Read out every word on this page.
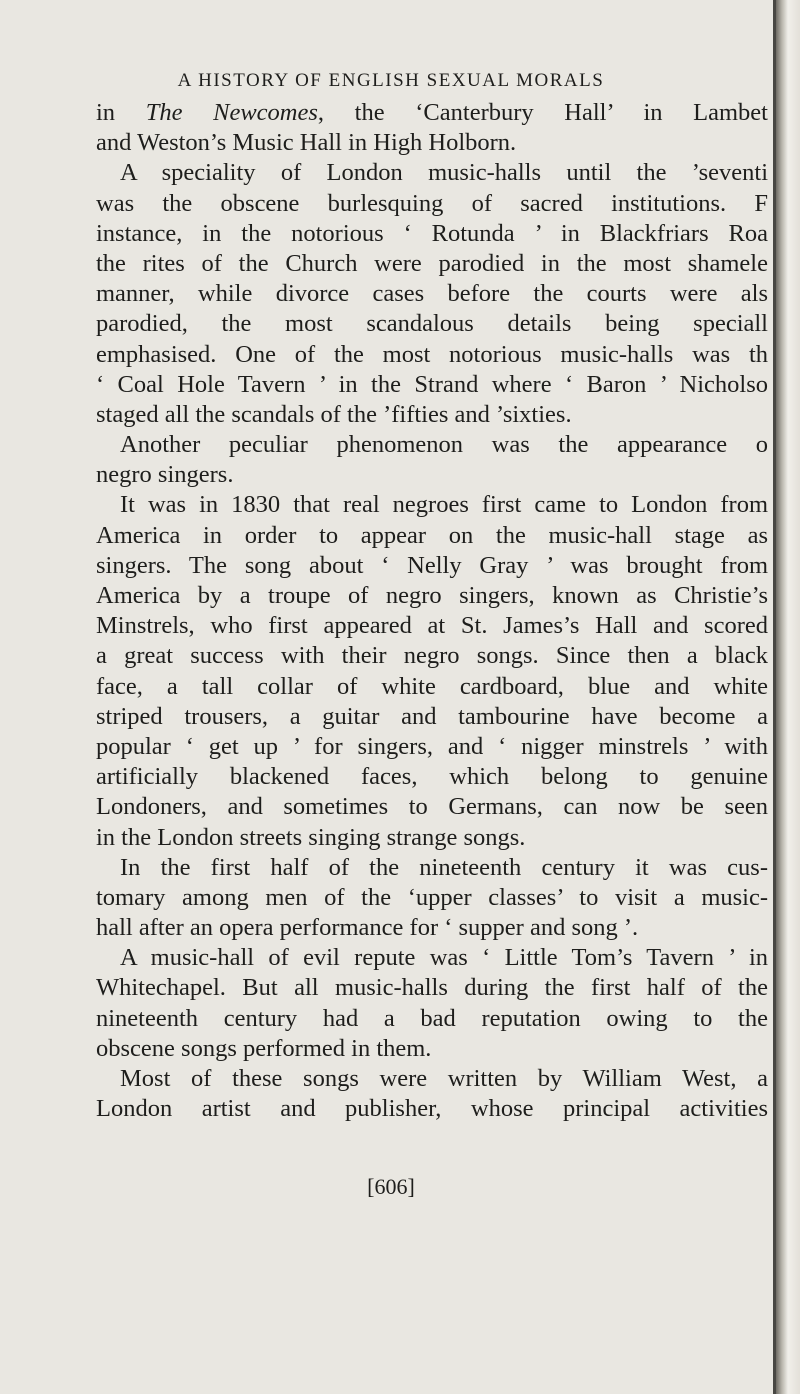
A HISTORY OF ENGLISH SEXUAL MORALS
in The Newcomes, the ‘Canterbury Hall’ in Lambet
and Weston’s Music Hall in High Holborn.
A speciality of London music-halls until the ’seventi
was the obscene burlesquing of sacred institutions. F
instance, in the notorious ‘ Rotunda ’ in Blackfriars Roa
the rites of the Church were parodied in the most shamele
manner, while divorce cases before the courts were als
parodied, the most scandalous details being speciall
emphasised. One of the most notorious music-halls was th
‘ Coal Hole Tavern ’ in the Strand where ‘ Baron ’ Nicholso
staged all the scandals of the ’fifties and ’sixties.
Another peculiar phenomenon was the appearance o
negro singers.
It was in 1830 that real negroes first came to London from
America in order to appear on the music-hall stage as
singers. The song about ‘ Nelly Gray ’ was brought from
America by a troupe of negro singers, known as Christie’s
Minstrels, who first appeared at St. James’s Hall and scored
a great success with their negro songs. Since then a black
face, a tall collar of white cardboard, blue and white
striped trousers, a guitar and tambourine have become a
popular ‘ get up ’ for singers, and ‘ nigger minstrels ’ with
artificially blackened faces, which belong to genuine
Londoners, and sometimes to Germans, can now be seen
in the London streets singing strange songs.
In the first half of the nineteenth century it was cus-
tomary among men of the ‘upper classes’ to visit a music-
hall after an opera performance for ‘ supper and song ’.
A music-hall of evil repute was ‘ Little Tom’s Tavern ’ in
Whitechapel. But all music-halls during the first half of the
nineteenth century had a bad reputation owing to the
obscene songs performed in them.
Most of these songs were written by William West, a
London artist and publisher, whose principal activities
[606]
